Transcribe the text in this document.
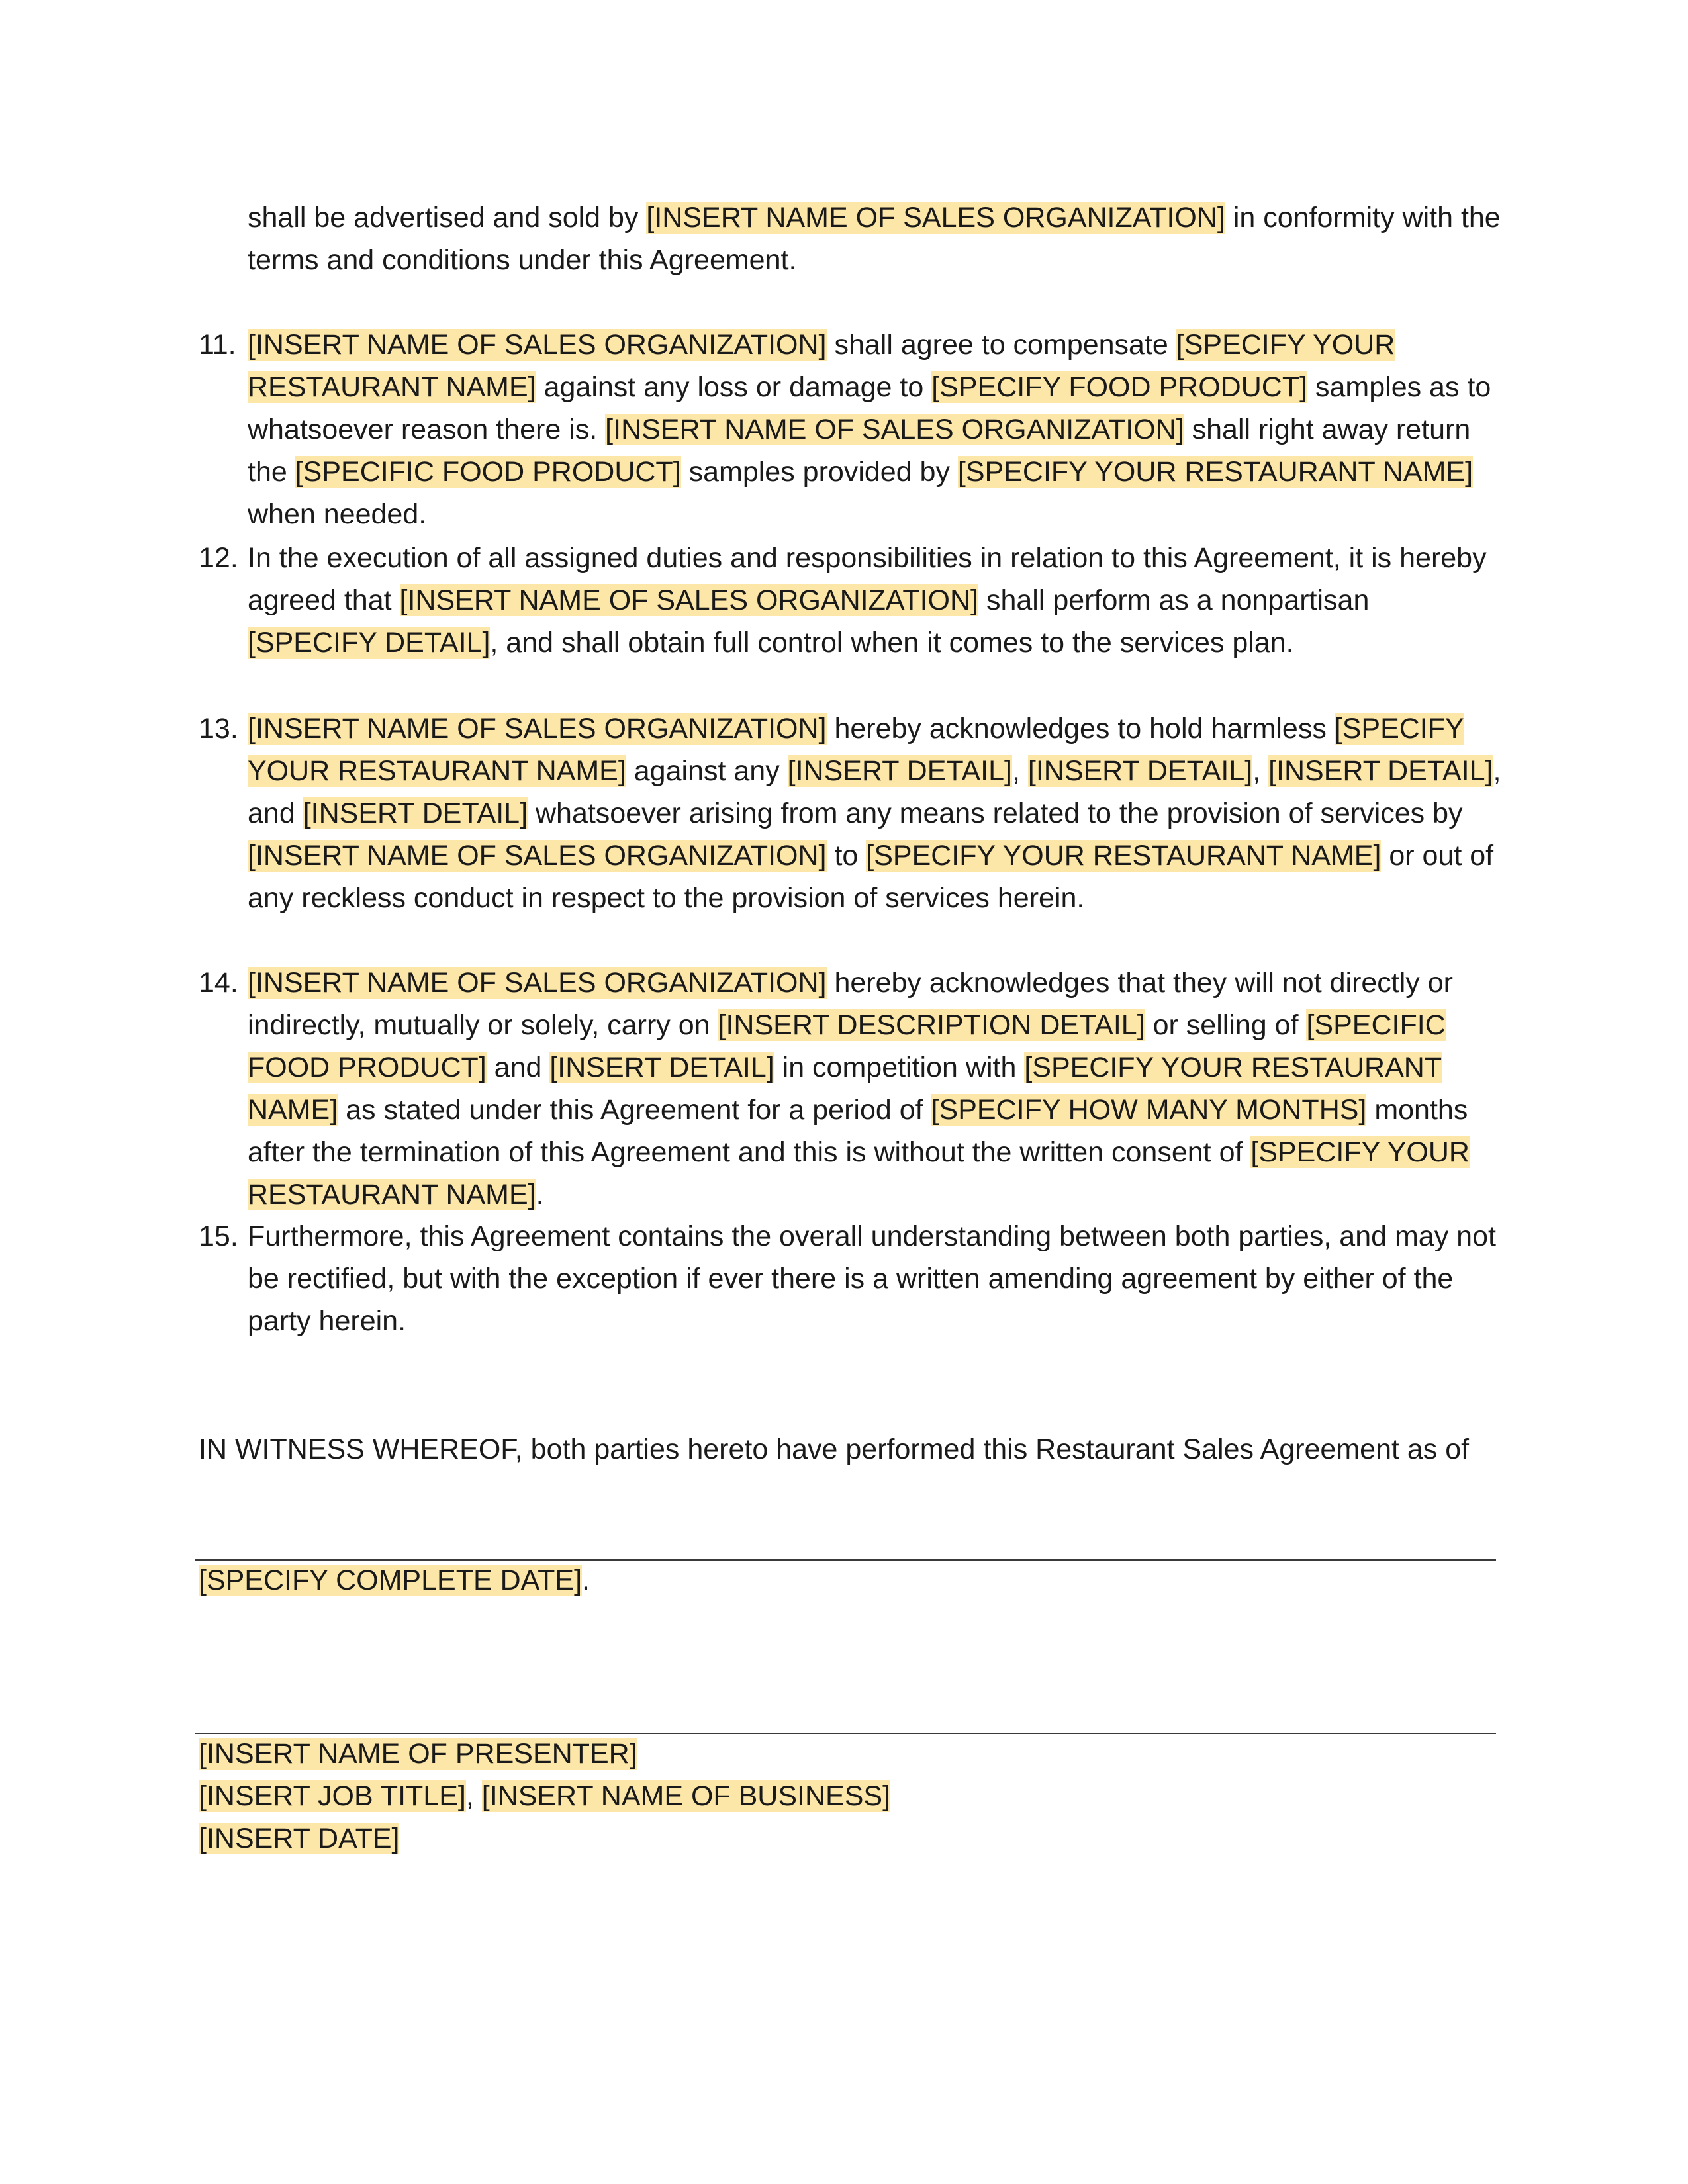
shall be advertised and sold by [INSERT NAME OF SALES ORGANIZATION] in conformity with the terms and conditions under this Agreement.
11. [INSERT NAME OF SALES ORGANIZATION] shall agree to compensate [SPECIFY YOUR RESTAURANT NAME] against any loss or damage to [SPECIFY FOOD PRODUCT] samples as to whatsoever reason there is. [INSERT NAME OF SALES ORGANIZATION] shall right away return the [SPECIFIC FOOD PRODUCT] samples provided by [SPECIFY YOUR RESTAURANT NAME] when needed.
12. In the execution of all assigned duties and responsibilities in relation to this Agreement, it is hereby agreed that [INSERT NAME OF SALES ORGANIZATION] shall perform as a nonpartisan [SPECIFY DETAIL], and shall obtain full control when it comes to the services plan.
13. [INSERT NAME OF SALES ORGANIZATION] hereby acknowledges to hold harmless [SPECIFY YOUR RESTAURANT NAME] against any [INSERT DETAIL], [INSERT DETAIL], [INSERT DETAIL], and [INSERT DETAIL] whatsoever arising from any means related to the provision of services by [INSERT NAME OF SALES ORGANIZATION] to [SPECIFY YOUR RESTAURANT NAME] or out of any reckless conduct in respect to the provision of services herein.
14. [INSERT NAME OF SALES ORGANIZATION] hereby acknowledges that they will not directly or indirectly, mutually or solely, carry on [INSERT DESCRIPTION DETAIL] or selling of [SPECIFIC FOOD PRODUCT] and [INSERT DETAIL] in competition with [SPECIFY YOUR RESTAURANT NAME] as stated under this Agreement for a period of [SPECIFY HOW MANY MONTHS] months after the termination of this Agreement and this is without the written consent of [SPECIFY YOUR RESTAURANT NAME].
15. Furthermore, this Agreement contains the overall understanding between both parties, and may not be rectified, but with the exception if ever there is a written amending agreement by either of the party herein.
IN WITNESS WHEREOF, both parties hereto have performed this Restaurant Sales Agreement as of
[SPECIFY COMPLETE DATE].
[INSERT NAME OF PRESENTER]
[INSERT JOB TITLE], [INSERT NAME OF BUSINESS]
[INSERT DATE]
